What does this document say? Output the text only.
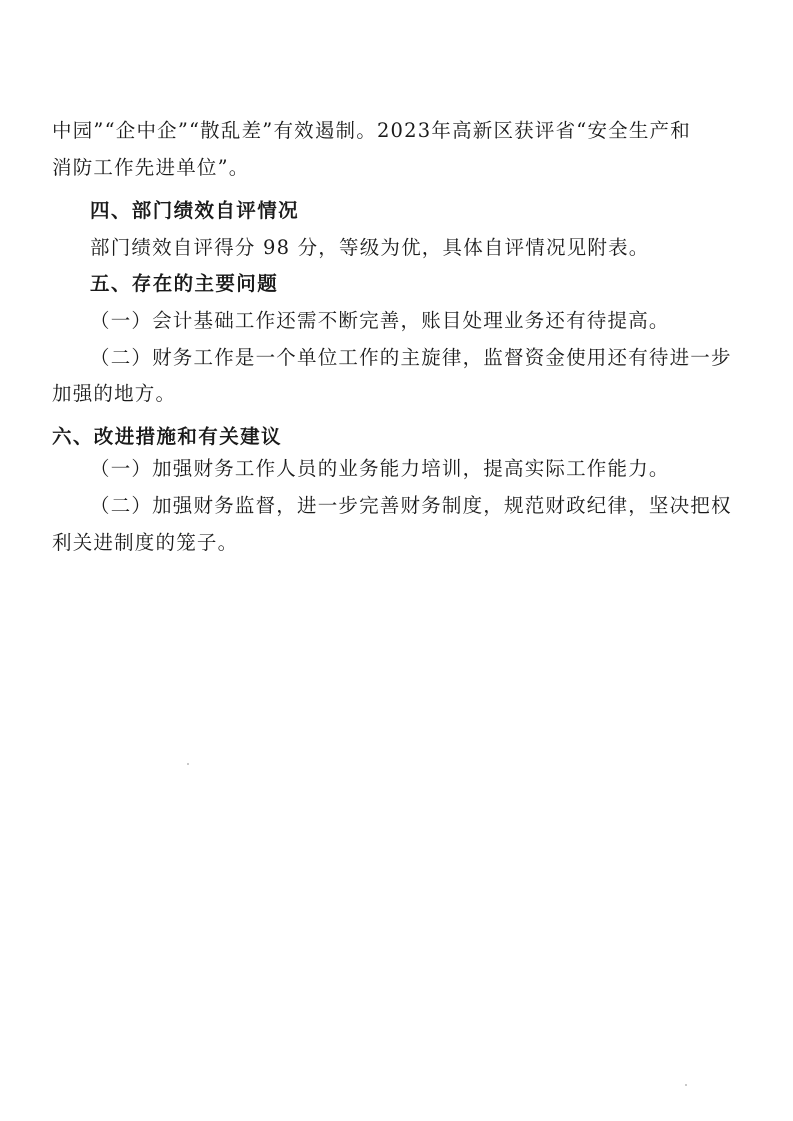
中园”“企中企”“散乱差”有效遏制。2023年高新区获评省“安全生产和
消防工作先进单位”。
四、部门绩效自评情况
部门绩效自评得分 98 分，等级为优，具体自评情况见附表。
五、存在的主要问题
（一）会计基础工作还需不断完善，账目处理业务还有待提高。
（二）财务工作是一个单位工作的主旋律，监督资金使用还有待进一步
加强的地方。
六、改进措施和有关建议
（一）加强财务工作人员的业务能力培训，提高实际工作能力。
（二）加强财务监督，进一步完善财务制度，规范财政纪律，坚决把权
利关进制度的笼子。
